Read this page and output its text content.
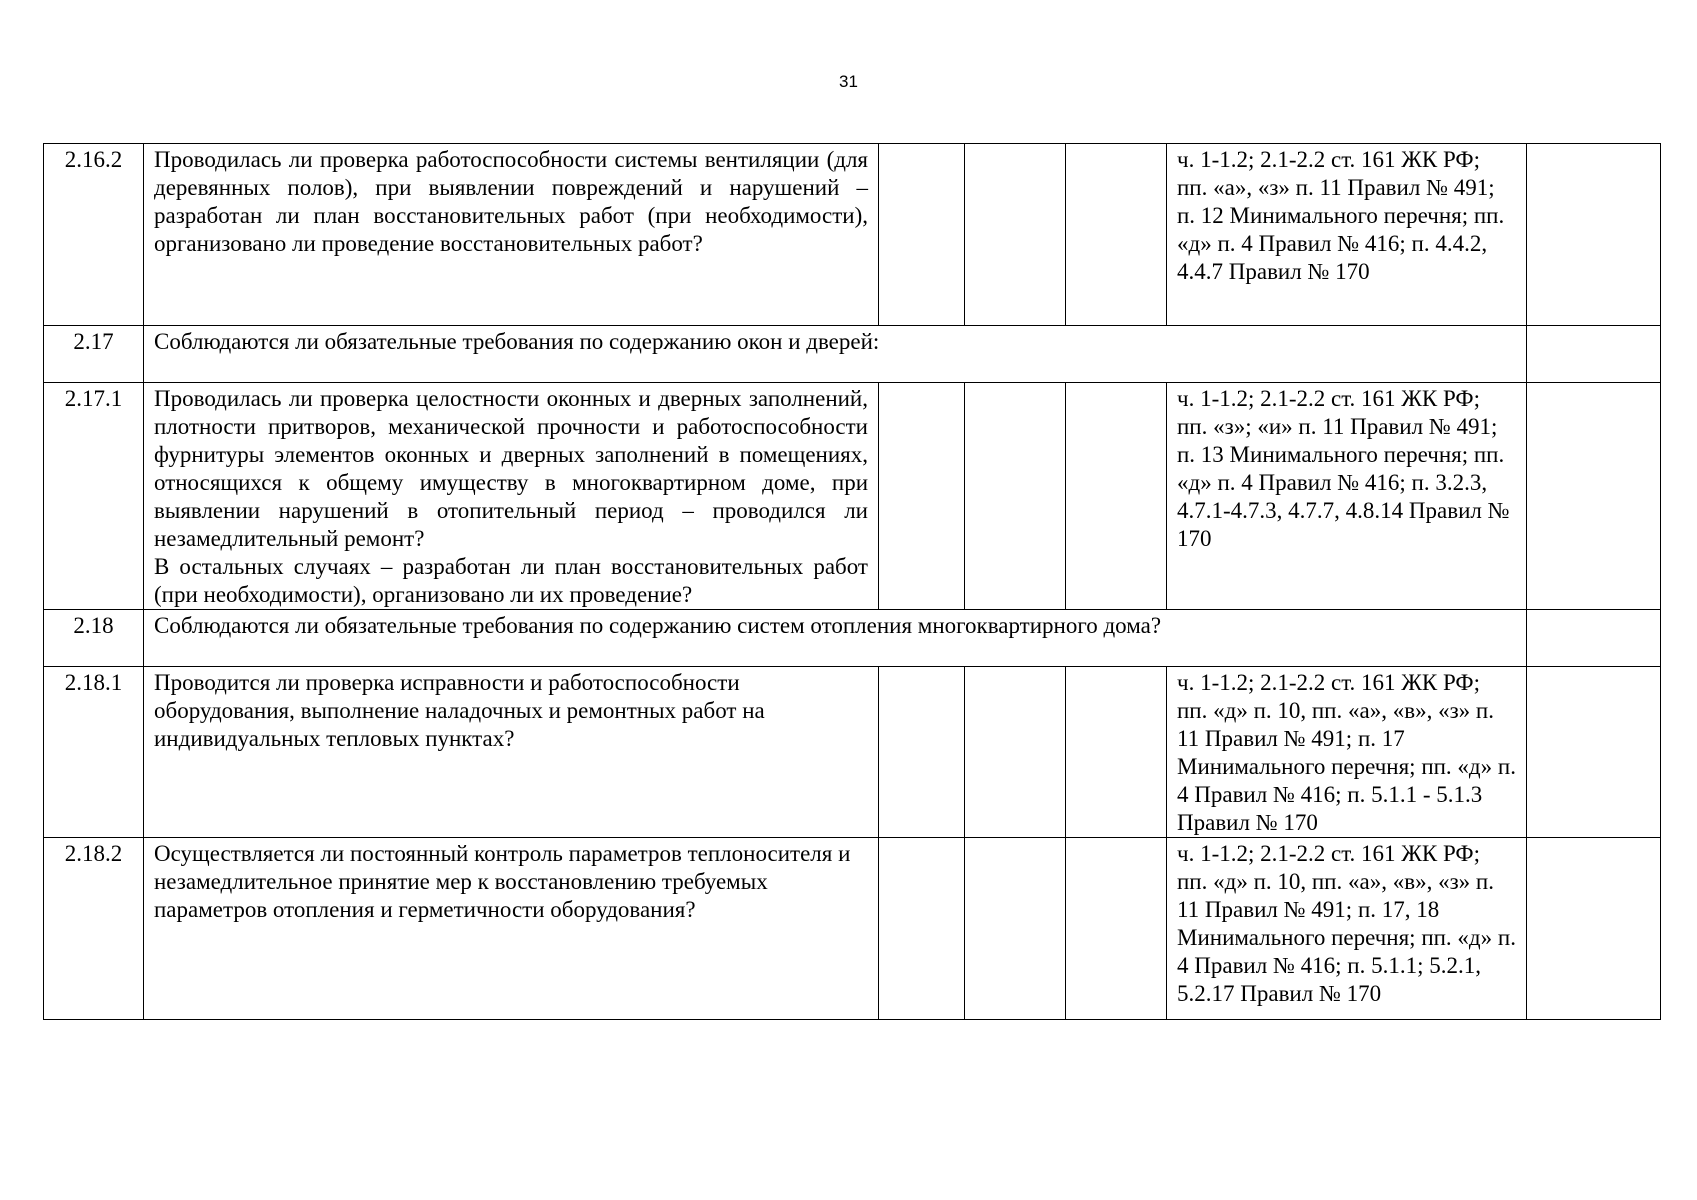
31
2.16.2	Проводилась ли проверка работоспособности системы вентиляции (для деревянных полов), при выявлении повреждений и нарушений – разработан ли план восстановительных работ (при необходимости), организовано ли проведение восстановительных работ?				ч. 1-1.2; 2.1-2.2 ст. 161 ЖК РФ; пп. «а», «з» п. 11 Правил № 491; п. 12 Минимального перечня; пп. «д» п. 4 Правил № 416; п. 4.4.2, 4.4.7 Правил № 170	
2.17	Соблюдаются ли обязательные требования по содержанию окон и дверей:					
2.17.1	Проводилась ли проверка целостности оконных и дверных заполнений, плотности притворов, механической прочности и работоспособности фурнитуры элементов оконных и дверных заполнений в помещениях, относящихся к общему имуществу в многоквартирном доме, при выявлении нарушений в отопительный период – проводился ли незамедлительный ремонт?
В остальных случаях – разработан ли план восстановительных работ (при необходимости), организовано ли их проведение?				ч. 1-1.2; 2.1-2.2 ст. 161 ЖК РФ; пп. «з»; «и» п. 11 Правил № 491; п. 13 Минимального перечня; пп. «д» п. 4 Правил № 416; п. 3.2.3, 4.7.1-4.7.3, 4.7.7, 4.8.14 Правил № 170	
2.18	Соблюдаются ли обязательные требования по содержанию систем отопления многоквартирного дома?					
2.18.1	Проводится ли проверка исправности и работоспособности оборудования, выполнение наладочных и ремонтных работ на индивидуальных тепловых пунктах?				ч. 1-1.2; 2.1-2.2 ст. 161 ЖК РФ; пп. «д» п. 10, пп. «а», «в», «з» п. 11 Правил № 491; п. 17 Минимального перечня; пп. «д» п. 4 Правил № 416; п. 5.1.1 - 5.1.3 Правил № 170	
2.18.2	Осуществляется ли постоянный контроль параметров теплоносителя и незамедлительное принятие мер к восстановлению требуемых параметров отопления и герметичности оборудования?				ч. 1-1.2; 2.1-2.2 ст. 161 ЖК РФ; пп. «д» п. 10, пп. «а», «в», «з» п. 11 Правил № 491; п. 17, 18 Минимального перечня; пп. «д» п. 4 Правил № 416; п. 5.1.1; 5.2.1, 5.2.17 Правил № 170	
